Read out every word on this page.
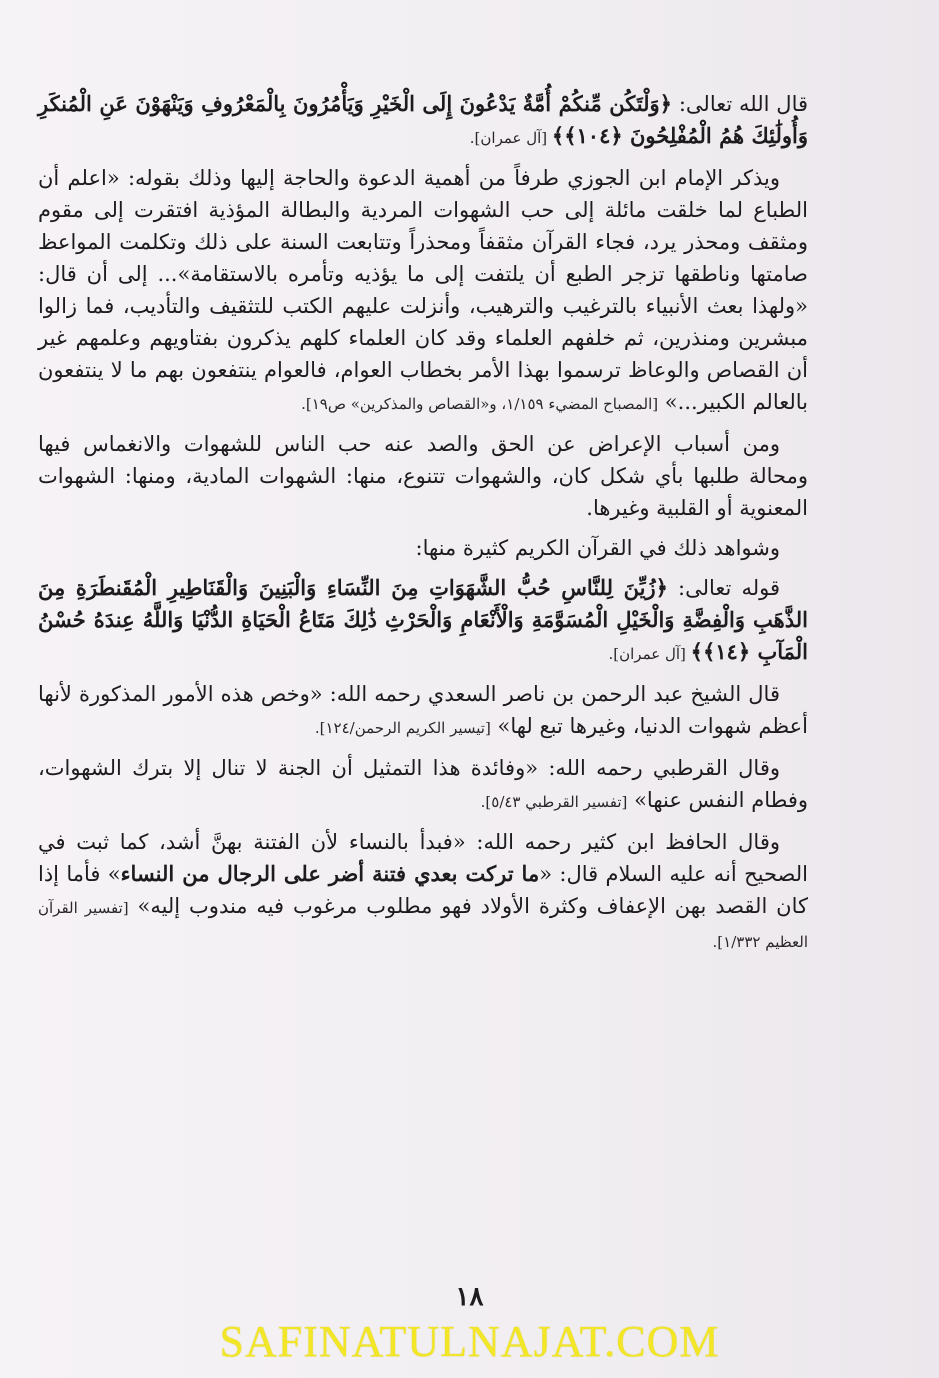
قال الله تعالى: ﴿وَلْتَكُن مِّنكُمْ أُمَّةٌ يَدْعُونَ إِلَى الْخَيْرِ وَيَأْمُرُونَ بِالْمَعْرُوفِ وَيَنْهَوْنَ عَنِ الْمُنكَرِ وَأُولَٰئِكَ هُمُ الْمُفْلِحُونَ ﴿١٠٤﴾﴾ [آل عمران].

ويذكر الإمام ابن الجوزي طرفاً من أهمية الدعوة والحاجة إليها وذلك بقوله: «اعلم أن الطباع لما خلقت مائلة إلى حب الشهوات المردية والبطالة المؤذية افتقرت إلى مقوم ومثقف ومحذر يرد، فجاء القرآن مثقفاً ومحذراً وتتابعت السنة على ذلك وتكلمت المواعظ صامتها وناطقها تزجر الطبع أن يلتفت إلى ما يؤذيه وتأمره بالاستقامة»... إلى أن قال: «ولهذا بعث الأنبياء بالترغيب والترهيب، وأنزلت عليهم الكتب للتثقيف والتأديب، فما زالوا مبشرين ومنذرين، ثم خلفهم العلماء وقد كان العلماء كلهم يذكرون بفتاويهم وعلمهم غير أن القصاص والوعاظ ترسموا بهذا الأمر بخطاب العوام، فالعوام ينتفعون بهم ما لا ينتفعون بالعالم الكبير...» [المصباح المضيء ١/١٥٩، و«القصاص والمذكرين» ص١٩].

ومن أسباب الإعراض عن الحق والصد عنه حب الناس للشهوات والانغماس فيها ومحالة طلبها بأي شكل كان، والشهوات تتنوع، منها: الشهوات المادية، ومنها: الشهوات المعنوية أو القلبية وغيرها.

وشواهد ذلك في القرآن الكريم كثيرة منها:

قوله تعالى: ﴿زُيِّنَ لِلنَّاسِ حُبُّ الشَّهَوَاتِ مِنَ النِّسَاءِ وَالْبَنِينَ وَالْقَنَاطِيرِ الْمُقَنطَرَةِ مِنَ الذَّهَبِ وَالْفِضَّةِ وَالْخَيْلِ الْمُسَوَّمَةِ وَالْأَنْعَامِ وَالْحَرْثِ ذَٰلِكَ مَتَاعُ الْحَيَاةِ الدُّنْيَا وَاللَّهُ عِندَهُ حُسْنُ الْمَآبِ ﴿١٤﴾﴾ [آل عمران].

قال الشيخ عبد الرحمن بن ناصر السعدي رحمه الله: «وخص هذه الأمور المذكورة لأنها أعظم شهوات الدنيا، وغيرها تبع لها» [تيسير الكريم الرحمن/١٢٤].

وقال القرطبي رحمه الله: «وفائدة هذا التمثيل أن الجنة لا تنال إلا بترك الشهوات، وفطام النفس عنها» [تفسير القرطبي ٥/٤٣].

وقال الحافظ ابن كثير رحمه الله: «فبدأ بالنساء لأن الفتنة بهنَّ أشد، كما ثبت في الصحيح أنه عليه السلام قال: «ما تركت بعدي فتنة أضر على الرجال من النساء» فأما إذا كان القصد بهن الإعفاف وكثرة الأولاد فهو مطلوب مرغوب فيه مندوب إليه» [تفسير القرآن العظيم ١/٣٣٢].

١٨
SAFINATULNAJAT.COM
